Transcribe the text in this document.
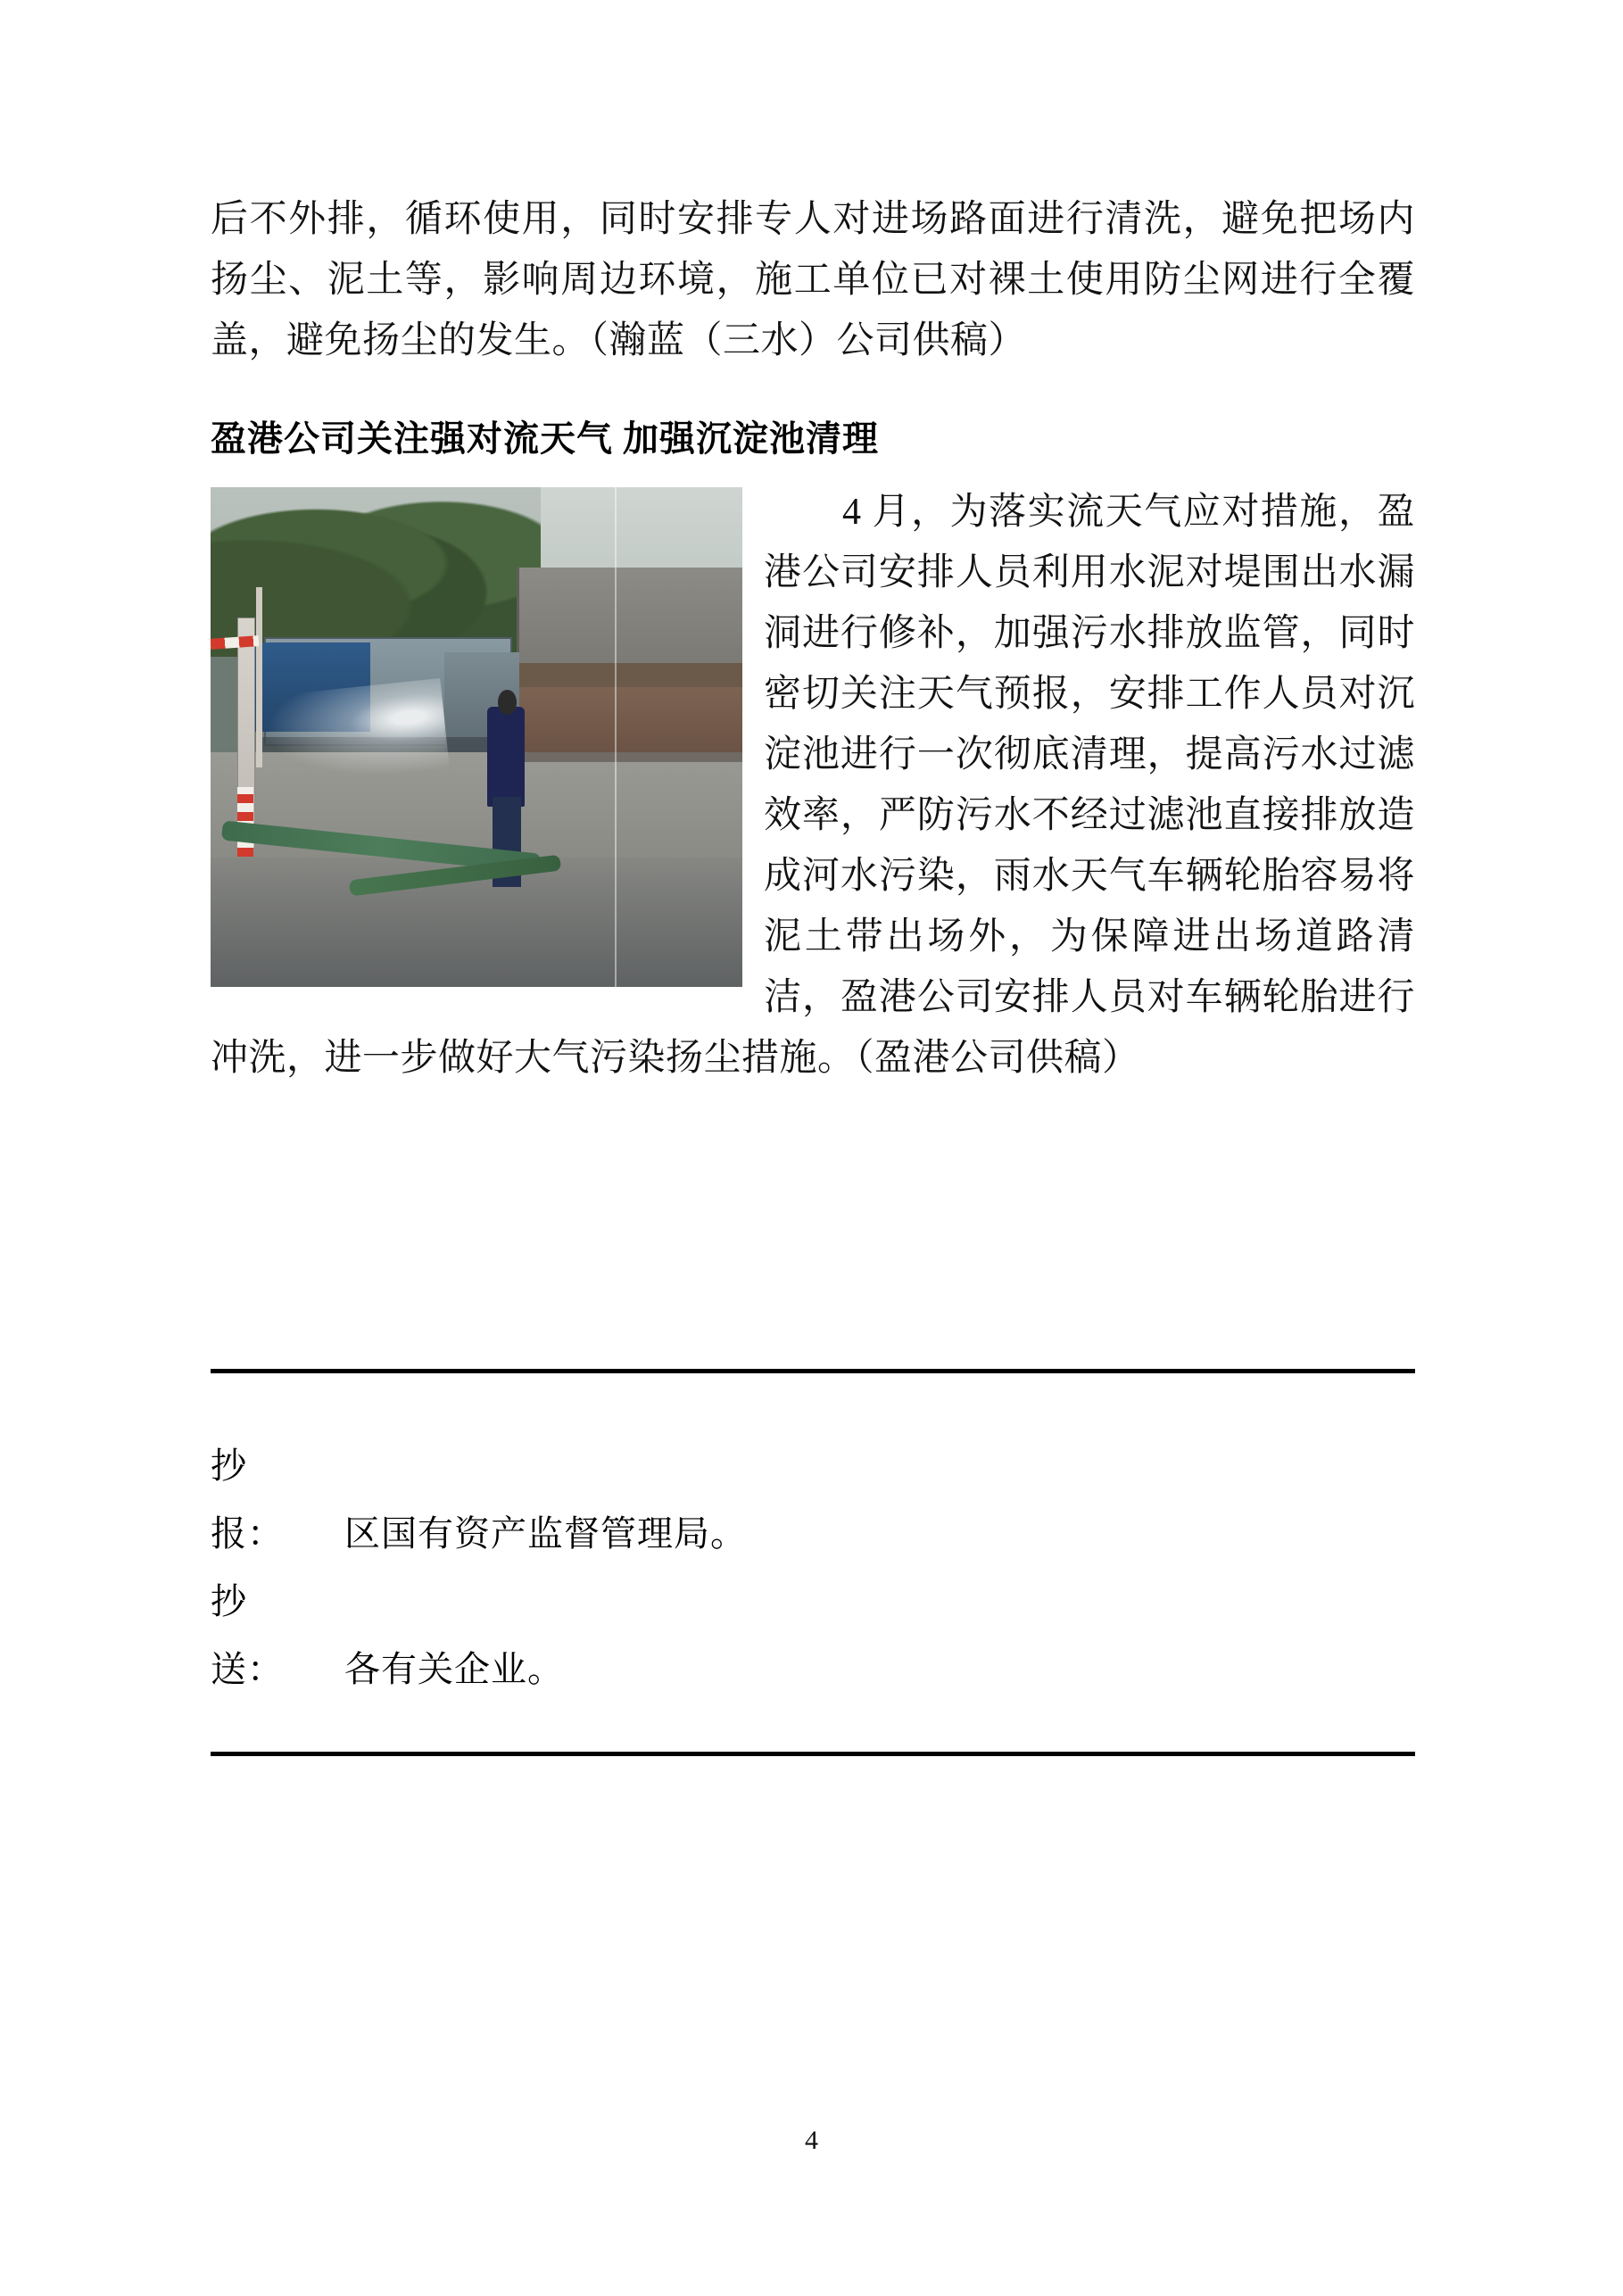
后不外排，循环使用，同时安排专人对进场路面进行清洗，避免把场内扬尘、泥土等，影响周边环境，施工单位已对裸土使用防尘网进行全覆盖，避免扬尘的发生。（瀚蓝（三水）公司供稿）

盈港公司关注强对流天气 加强沉淀池清理

4 月，为落实流天气应对措施，盈港公司安排人员利用水泥对堤围出水漏洞进行修补，加强污水排放监管，同时密切关注天气预报，安排工作人员对沉淀池进行一次彻底清理，提高污水过滤效率，严防污水不经过滤池直接排放造成河水污染，雨水天气车辆轮胎容易将泥土带出场外，为保障进出场道路清洁，盈港公司安排人员对车辆轮胎进行冲洗，进一步做好大气污染扬尘措施。（盈港公司供稿）

抄　报： 区国有资产监督管理局。
抄　送： 各有关企业。
4
